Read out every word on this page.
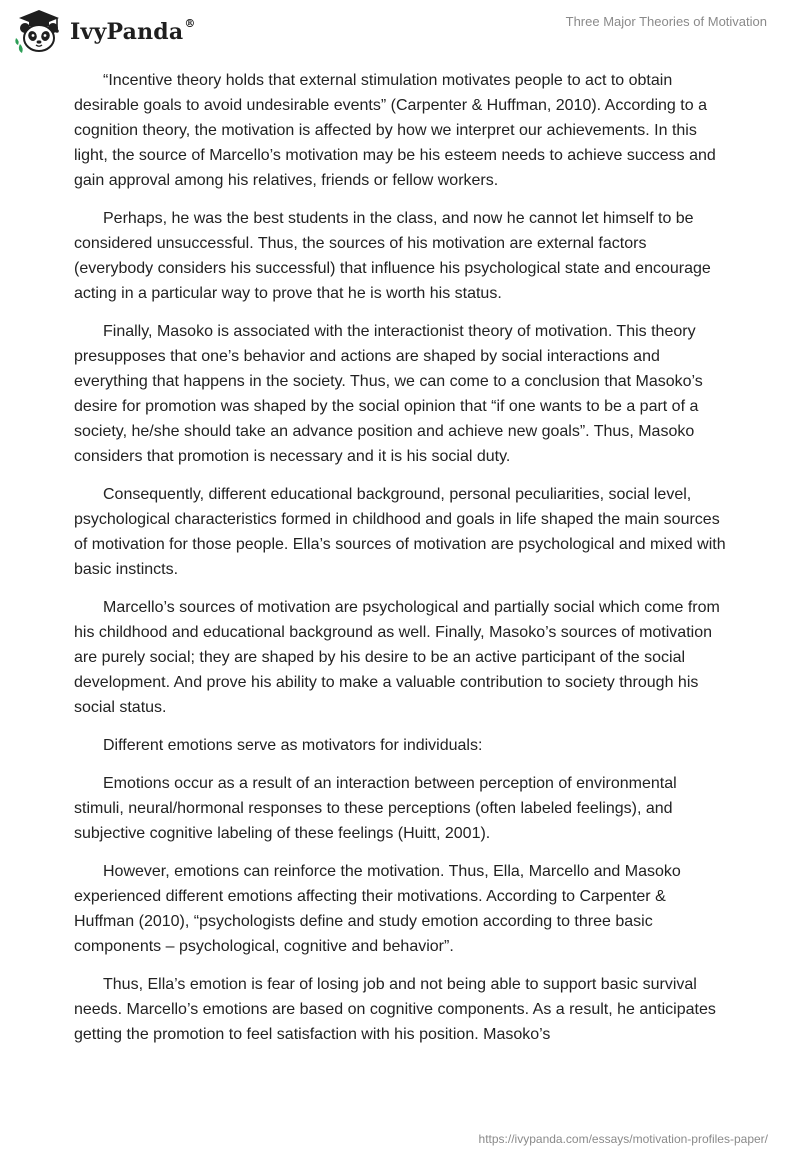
IvyPanda®	Three Major Theories of Motivation

“Incentive theory holds that external stimulation motivates people to act to obtain desirable goals to avoid undesirable events” (Carpenter & Huffman, 2010). According to a cognition theory, the motivation is affected by how we interpret our achievements. In this light, the source of Marcello’s motivation may be his esteem needs to achieve success and gain approval among his relatives, friends or fellow workers.

Perhaps, he was the best students in the class, and now he cannot let himself to be considered unsuccessful. Thus, the sources of his motivation are external factors (everybody considers his successful) that influence his psychological state and encourage acting in a particular way to prove that he is worth his status.

Finally, Masoko is associated with the interactionist theory of motivation. This theory presupposes that one’s behavior and actions are shaped by social interactions and everything that happens in the society. Thus, we can come to a conclusion that Masoko’s desire for promotion was shaped by the social opinion that “if one wants to be a part of a society, he/she should take an advance position and achieve new goals”. Thus, Masoko considers that promotion is necessary and it is his social duty.

Consequently, different educational background, personal peculiarities, social level, psychological characteristics formed in childhood and goals in life shaped the main sources of motivation for those people. Ella’s sources of motivation are psychological and mixed with basic instincts.

Marcello’s sources of motivation are psychological and partially social which come from his childhood and educational background as well. Finally, Masoko’s sources of motivation are purely social; they are shaped by his desire to be an active participant of the social development. And prove his ability to make a valuable contribution to society through his social status.

Different emotions serve as motivators for individuals:

Emotions occur as a result of an interaction between perception of environmental stimuli, neural/hormonal responses to these perceptions (often labeled feelings), and subjective cognitive labeling of these feelings (Huitt, 2001).

However, emotions can reinforce the motivation. Thus, Ella, Marcello and Masoko experienced different emotions affecting their motivations. According to Carpenter & Huffman (2010), “psychologists define and study emotion according to three basic components – psychological, cognitive and behavior”.

Thus, Ella’s emotion is fear of losing job and not being able to support basic survival needs. Marcello’s emotions are based on cognitive components. As a result, he anticipates getting the promotion to feel satisfaction with his position. Masoko’s

https://ivypanda.com/essays/motivation-profiles-paper/
